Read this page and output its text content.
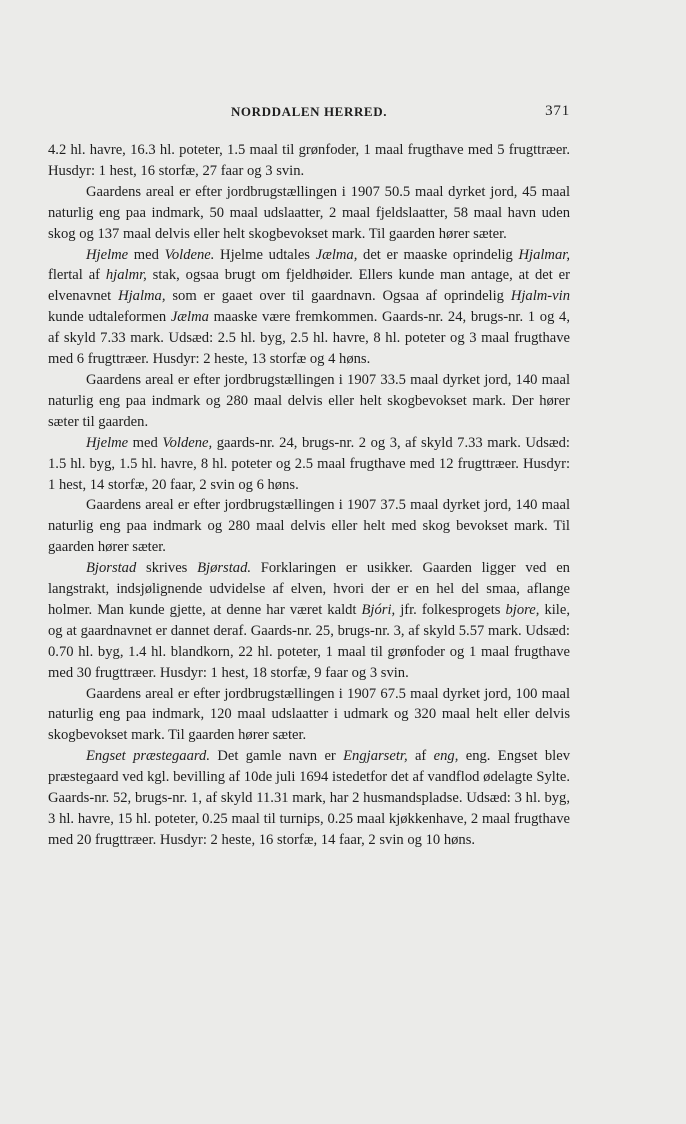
NORDDALEN HERRED.	371

4.2 hl. havre, 16.3 hl. poteter, 1.5 maal til grønfoder, 1 maal frugthave med 5 frugttræer. Husdyr: 1 hest, 16 storfæ, 27 faar og 3 svin.

Gaardens areal er efter jordbrugstællingen i 1907 50.5 maal dyrket jord, 45 maal naturlig eng paa indmark, 50 maal udslaatter, 2 maal fjeldslaatter, 58 maal havn uden skog og 137 maal delvis eller helt skogbevokset mark. Til gaarden hører sæter.

Hjelme med Voldene. Hjelme udtales Jælma, det er maaske oprindelig Hjalmar, flertal af hjalmr, stak, ogsaa brugt om fjeldhøider. Ellers kunde man antage, at det er elvenavnet Hjalma, som er gaaet over til gaardnavn. Ogsaa af oprindelig Hjalm-vin kunde udtaleformen Jælma maaske være fremkommen. Gaards-nr. 24, brugs-nr. 1 og 4, af skyld 7.33 mark. Udsæd: 2.5 hl. byg, 2.5 hl. havre, 8 hl. poteter og 3 maal frugthave med 6 frugttræer. Husdyr: 2 heste, 13 storfæ og 4 høns.

Gaardens areal er efter jordbrugstællingen i 1907 33.5 maal dyrket jord, 140 maal naturlig eng paa indmark og 280 maal delvis eller helt skogbevokset mark. Der hører sæter til gaarden.

Hjelme med Voldene, gaards-nr. 24, brugs-nr. 2 og 3, af skyld 7.33 mark. Udsæd: 1.5 hl. byg, 1.5 hl. havre, 8 hl. poteter og 2.5 maal frugthave med 12 frugttræer. Husdyr: 1 hest, 14 storfæ, 20 faar, 2 svin og 6 høns.

Gaardens areal er efter jordbrugstællingen i 1907 37.5 maal dyrket jord, 140 maal naturlig eng paa indmark og 280 maal delvis eller helt med skog bevokset mark. Til gaarden hører sæter.

Bjorstad skrives Bjørstad. Forklaringen er usikker. Gaarden ligger ved en langstrakt, indsjølignende udvidelse af elven, hvori der er en hel del smaa, aflange holmer. Man kunde gjette, at denne har været kaldt Bjóri, jfr. folkesprogets bjore, kile, og at gaardnavnet er dannet deraf. Gaards-nr. 25, brugs-nr. 3, af skyld 5.57 mark. Udsæd: 0.70 hl. byg, 1.4 hl. blandkorn, 22 hl. poteter, 1 maal til grønfoder og 1 maal frugthave med 30 frugttræer. Husdyr: 1 hest, 18 storfæ, 9 faar og 3 svin.

Gaardens areal er efter jordbrugstællingen i 1907 67.5 maal dyrket jord, 100 maal naturlig eng paa indmark, 120 maal udslaatter i udmark og 320 maal helt eller delvis skogbevokset mark. Til gaarden hører sæter.

Engset præstegaard. Det gamle navn er Engjarsetr, af eng, eng. Engset blev præstegaard ved kgl. bevilling af 10de juli 1694 istedetfor det af vandflod ødelagte Sylte. Gaards-nr. 52, brugs-nr. 1, af skyld 11.31 mark, har 2 husmandspladse. Udsæd: 3 hl. byg, 3 hl. havre, 15 hl. poteter, 0.25 maal til turnips, 0.25 maal kjøkkenhave, 2 maal frugthave med 20 frugttræer. Husdyr: 2 heste, 16 storfæ, 14 faar, 2 svin og 10 høns.
